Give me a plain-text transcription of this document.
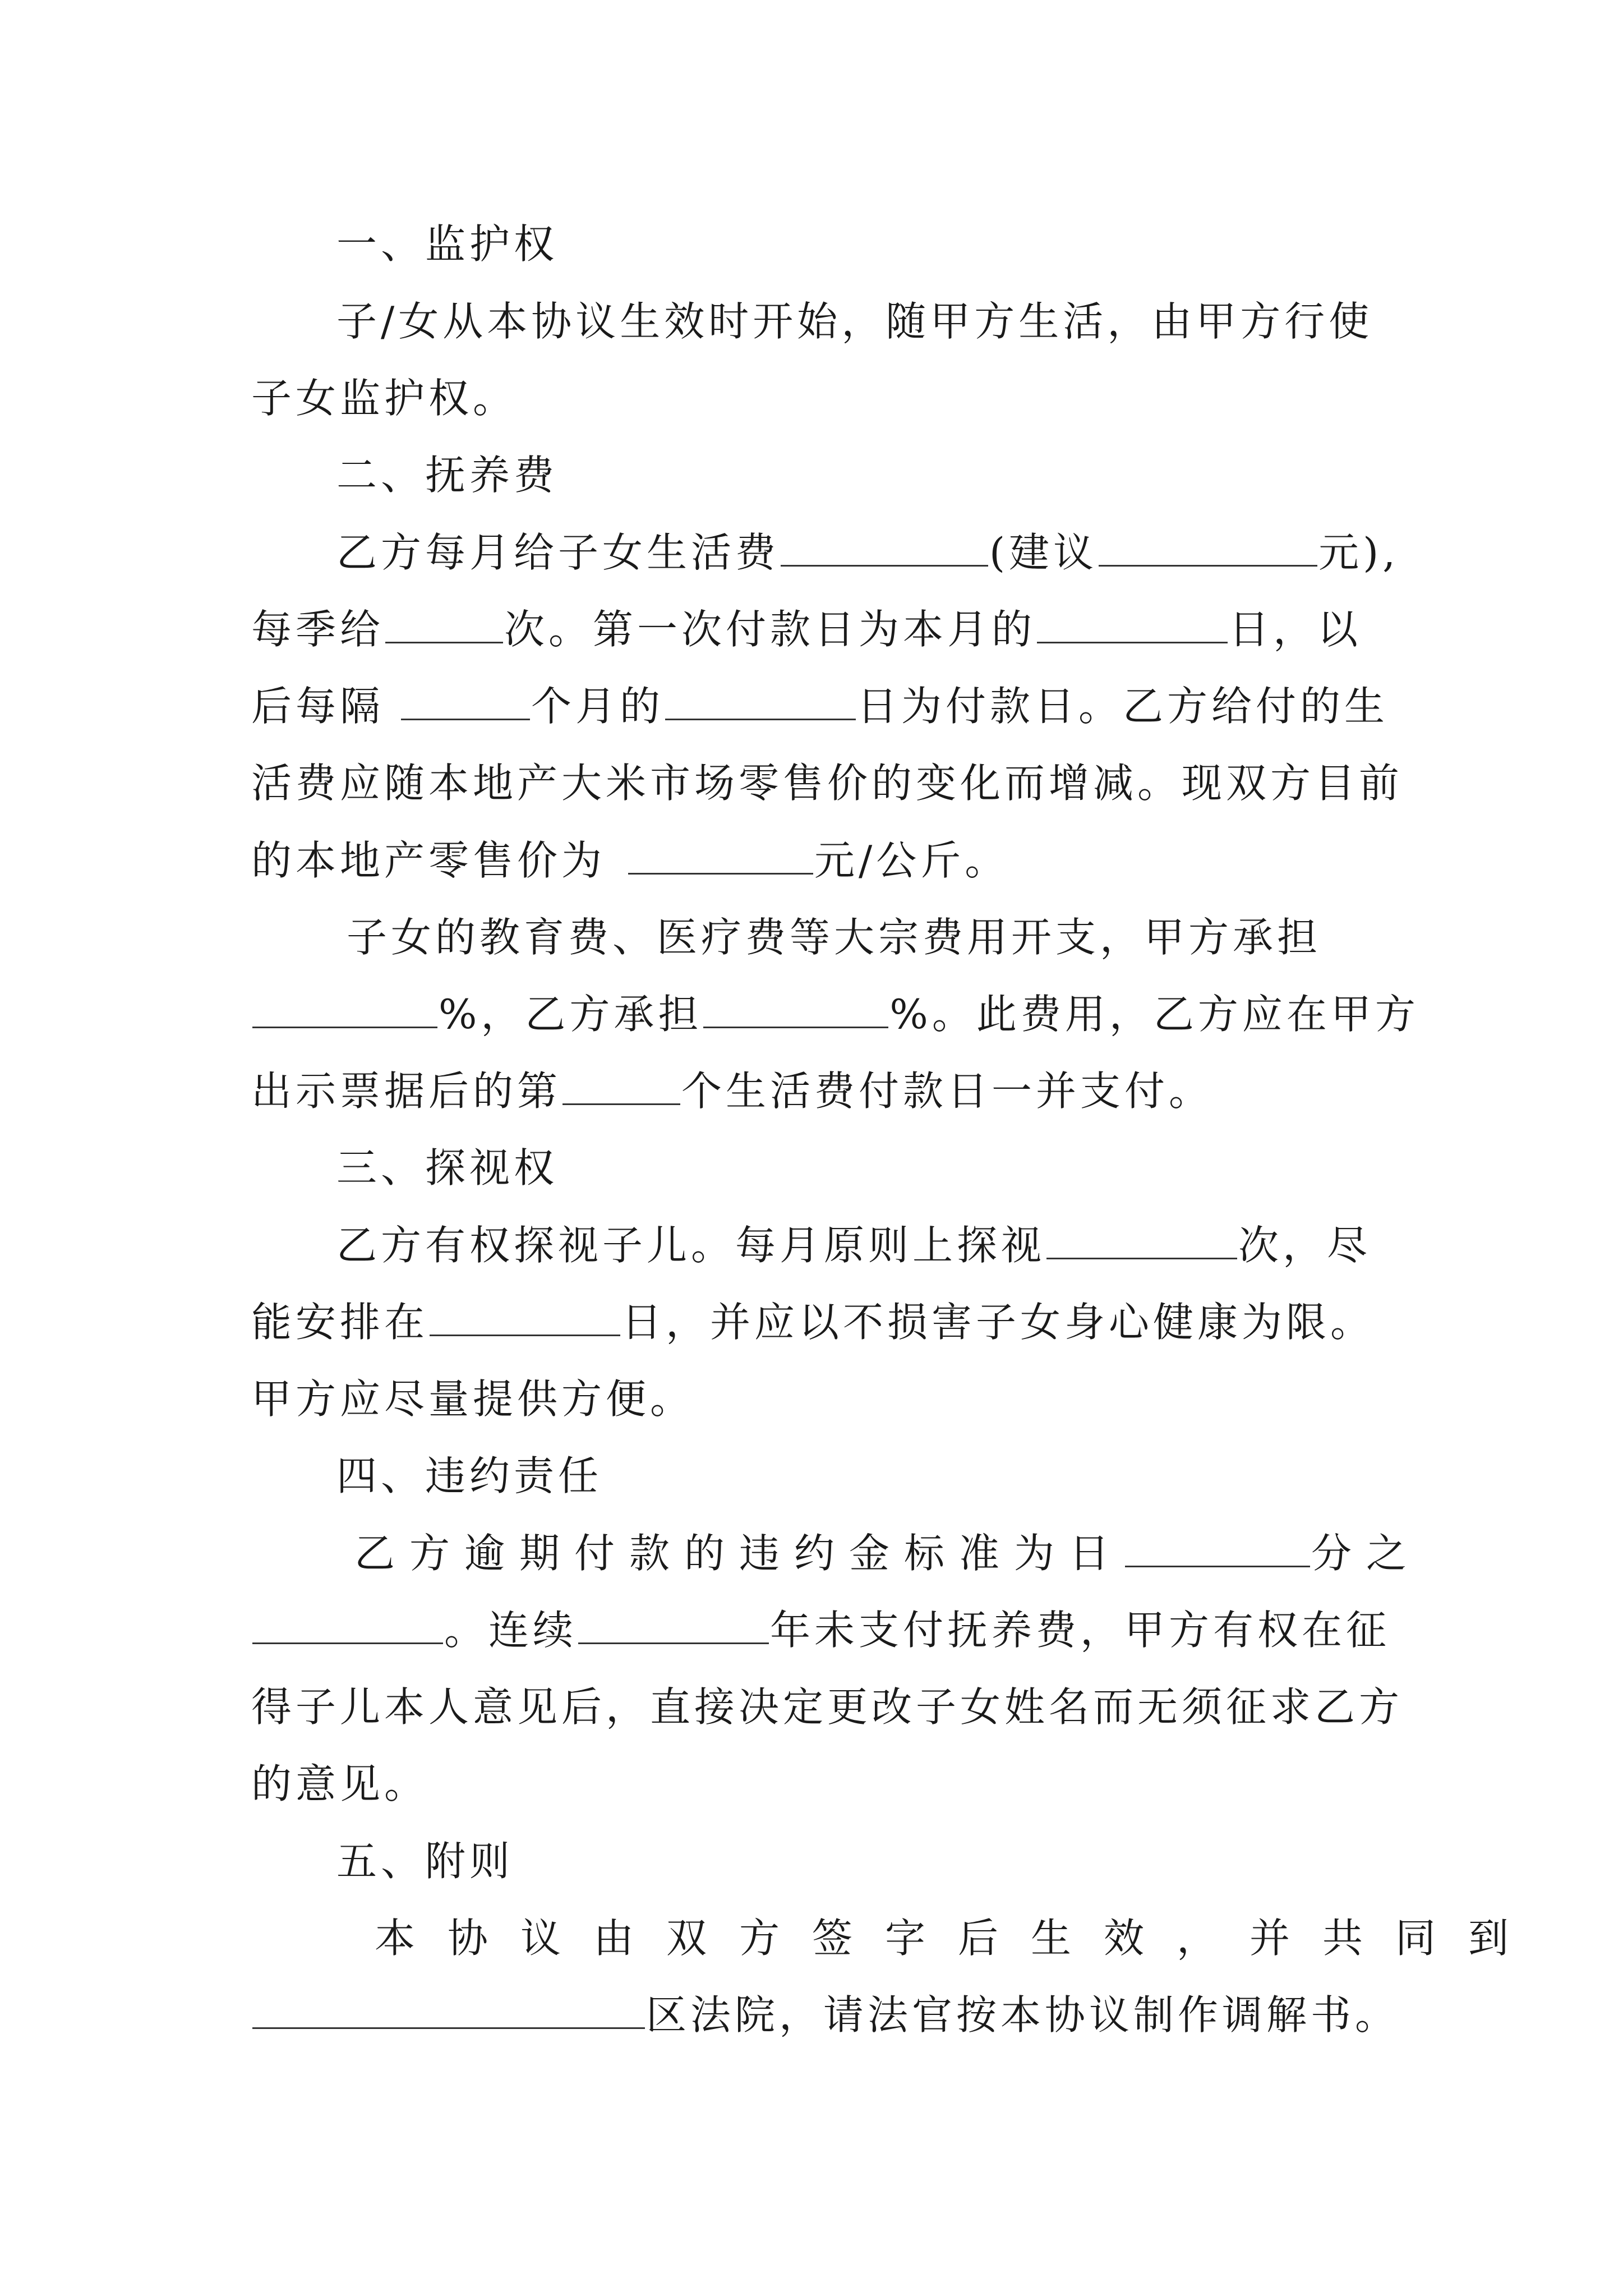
一、监护权
子/女从本协议生效时开始，随甲方生活，由甲方行使
子女监护权。
二、抚养费
乙方每月给子女生活费	(建议	元),
每季给	次。第一次付款日为本月的	日，以
后每隔	个月的	日为付款日。乙方给付的生
活费应随本地产大米市场零售价的变化而增减。现双方目前
的本地产零售价为	元/公斤。
子女的教育费、医疗费等大宗费用开支，甲方承担
%，乙方承担	%。此费用，乙方应在甲方
出示票据后的第	个生活费付款日一并支付。
三、探视权
乙方有权探视子儿。每月原则上探视	次，尽
能安排在	日，并应以不损害子女身心健康为限。
甲方应尽量提供方便。
四、违约责任
乙方逾期付款的违约金标准为日	分之
。连续	年未支付抚养费，甲方有权在征
得子儿本人意见后，直接决定更改子女姓名而无须征求乙方
的意见。
五、附则
本协议由双方签字后生效，并共同到
区法院，请法官按本协议制作调解书。
